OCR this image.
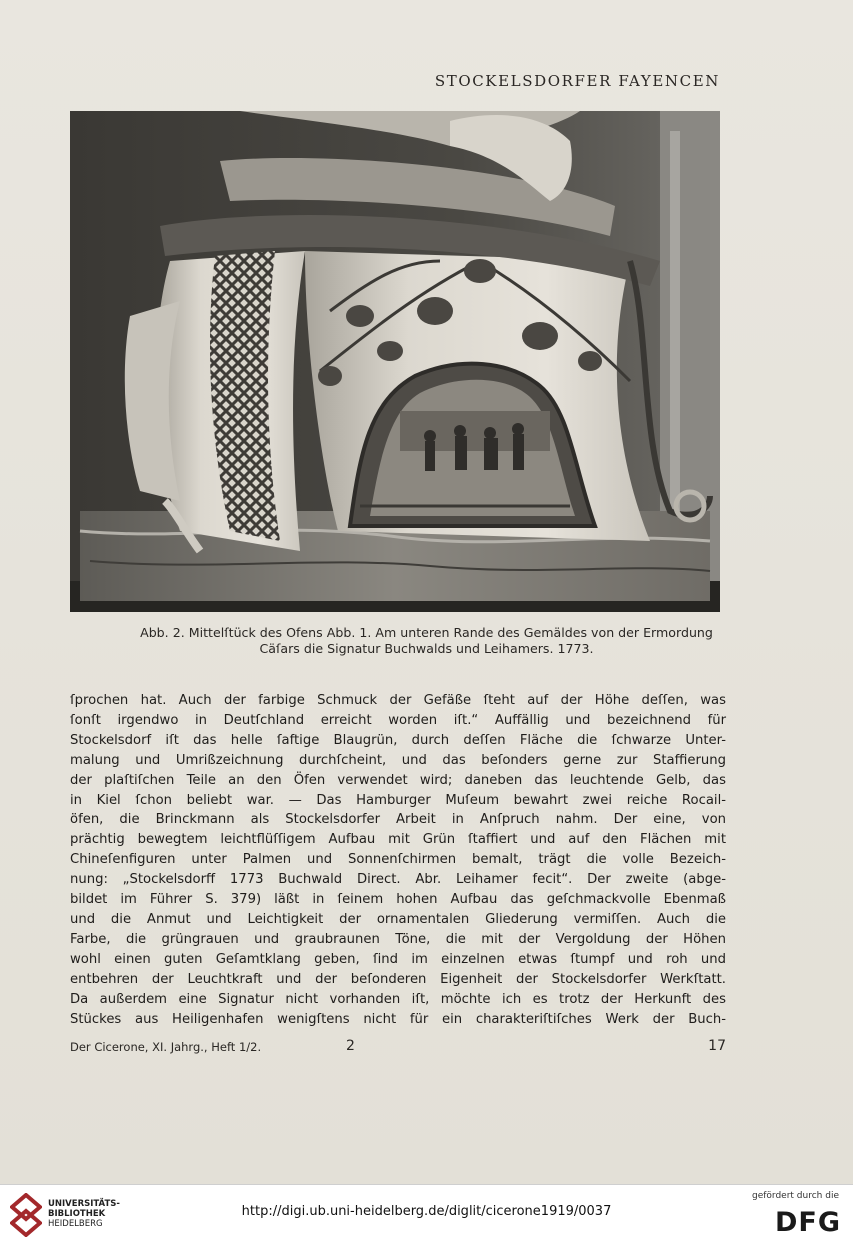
STOCKELSDORFER FAYENCEN
Abb. 2. Mittelſtück des Ofens Abb. 1. Am unteren Rande des Gemäldes von der Ermordung
Cäſars die Signatur Buchwalds und Leihamers. 1773.
ſprochen hat. Auch der farbige Schmuck der Gefäße ſteht auf der Höhe deſſen, was
ſonſt irgendwo in Deutſchland erreicht worden iſt.“ Auffällig und bezeichnend für
Stockelsdorf iſt das helle ſaftige Blaugrün, durch deſſen Fläche die ſchwarze Unter-
malung und Umrißzeichnung durchſcheint, und das beſonders gerne zur Staffierung
der plaſtiſchen Teile an den Öfen verwendet wird; daneben das leuchtende Gelb, das
in Kiel ſchon beliebt war. — Das Hamburger Muſeum bewahrt zwei reiche Rocail-
öfen, die Brinckmann als Stockelsdorfer Arbeit in Anſpruch nahm. Der eine, von
prächtig bewegtem leichtflüſſigem Aufbau mit Grün ſtaffiert und auf den Flächen mit
Chineſenfiguren unter Palmen und Sonnenſchirmen bemalt, trägt die volle Bezeich-
nung: „Stockelsdorff 1773 Buchwald Direct. Abr. Leihamer fecit“. Der zweite (abge-
bildet im Führer S. 379) läßt in ſeinem hohen Aufbau das geſchmackvolle Ebenmaß
und die Anmut und Leichtigkeit der ornamentalen Gliederung vermiſſen. Auch die
Farbe, die grüngrauen und graubraunen Töne, die mit der Vergoldung der Höhen
wohl einen guten Geſamtklang geben, ſind im einzelnen etwas ſtumpf und roh und
entbehren der Leuchtkraft und der beſonderen Eigenheit der Stockelsdorfer Werkſtatt.
Da außerdem eine Signatur nicht vorhanden iſt, möchte ich es trotz der Herkunft des
Stückes aus Heiligenhafen wenigſtens nicht für ein charakteriſtiſches Werk der Buch-
Der Cicerone, XI. Jahrg., Heft 1/2.	2	17
UNIVERSITÄTS-
BIBLIOTHEK
HEIDELBERG
http://digi.ub.uni-heidelberg.de/diglit/cicerone1919/0037
gefördert durch die
DFG
